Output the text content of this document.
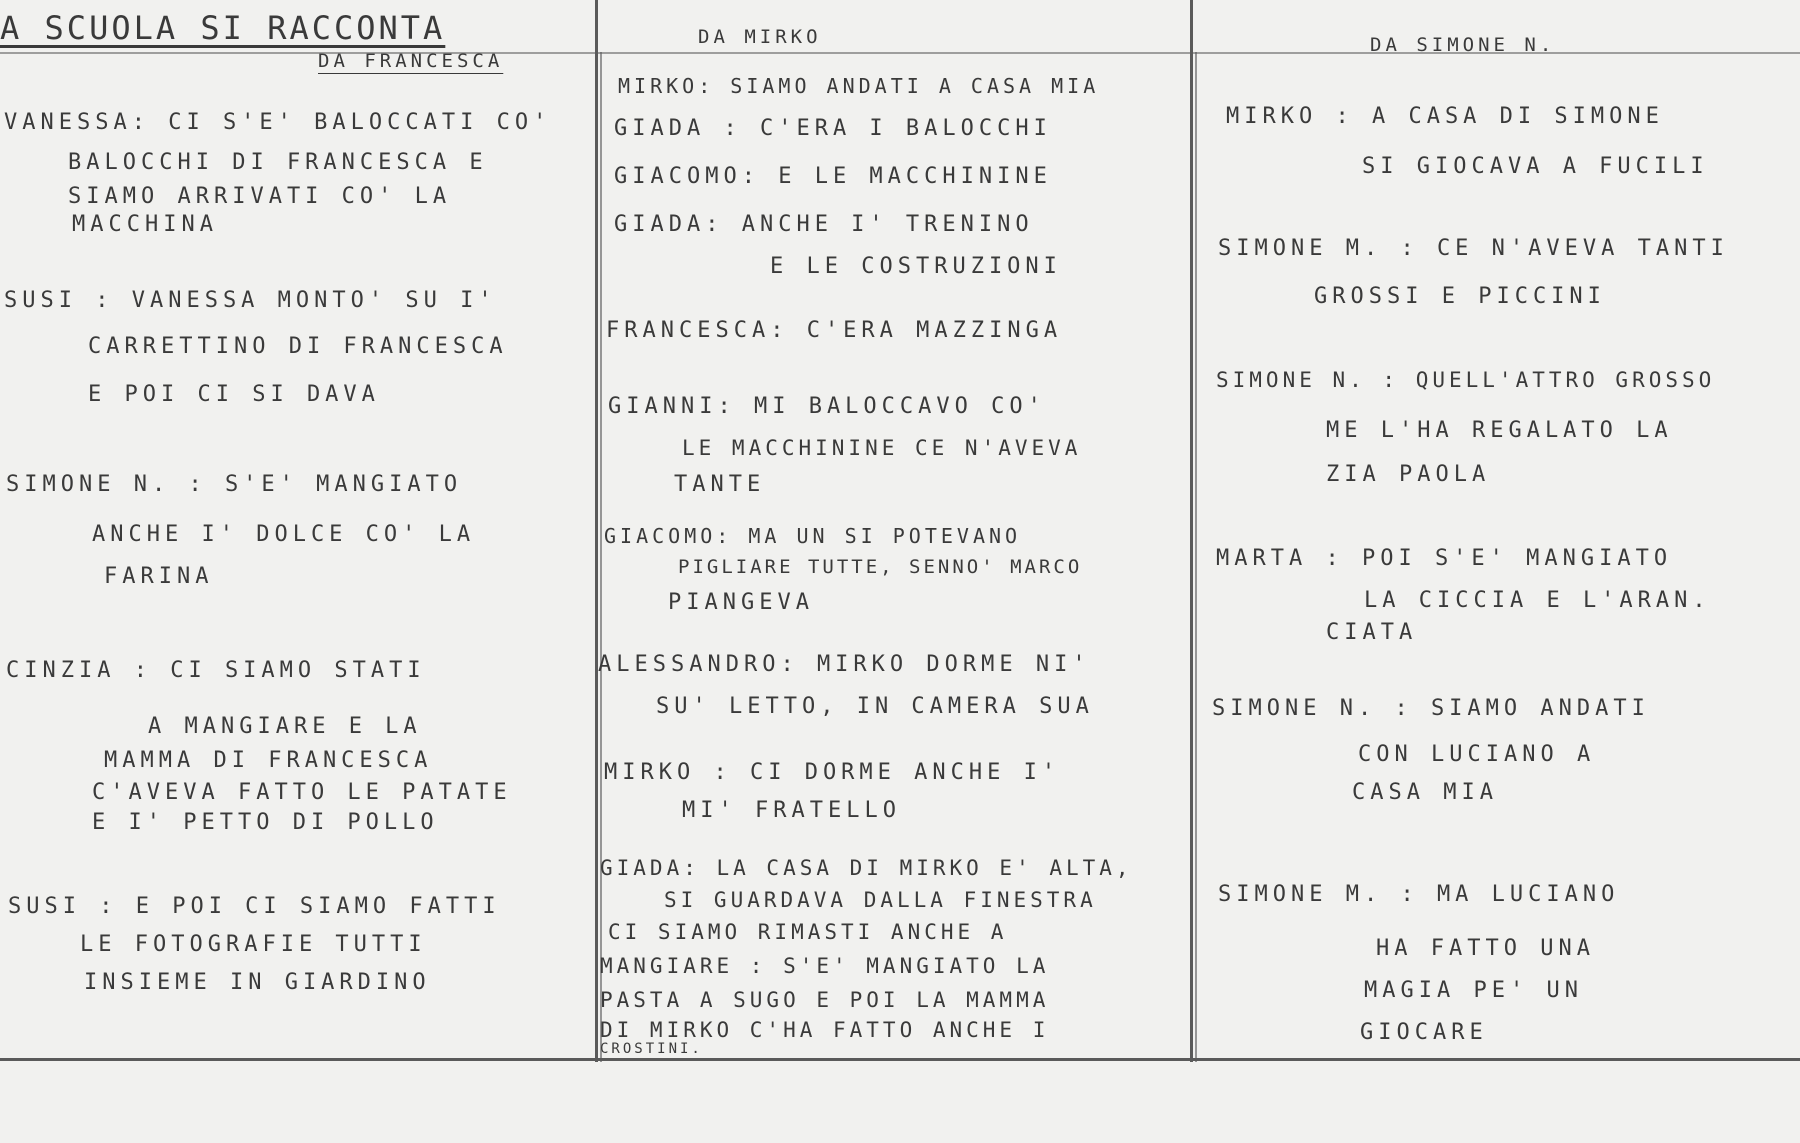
A SCUOLA SI RACCONTA
DA FRANCESCA
VANESSA: CI S'E' BALOCCATI CO'
BALOCCHI DI FRANCESCA E
SIAMO ARRIVATI CO' LA
MACCHINA
SUSI : VANESSA MONTO' SU I'
CARRETTINO DI FRANCESCA
E POI CI SI DAVA
SIMONE N. : S'E' MANGIATO
ANCHE I' DOLCE CO' LA
FARINA
CINZIA : CI SIAMO STATI
A MANGIARE E LA
MAMMA DI FRANCESCA
C'AVEVA FATTO LE PATATE
E I' PETTO DI POLLO
SUSI : E POI CI SIAMO FATTI
LE FOTOGRAFIE TUTTI
INSIEME IN GIARDINO
DA MIRKO
MIRKO: SIAMO ANDATI A CASA MIA
GIADA : C'ERA I BALOCCHI
GIACOMO: E LE MACCHININE
GIADA: ANCHE I' TRENINO
E LE COSTRUZIONI
FRANCESCA: C'ERA MAZZINGA
GIANNI: MI BALOCCAVO CO'
LE MACCHININE CE N'AVEVA
TANTE
GIACOMO: MA UN SI POTEVANO
PIGLIARE TUTTE, SENNO' MARCO
PIANGEVA
ALESSANDRO: MIRKO DORME NI'
SU' LETTO, IN CAMERA SUA
MIRKO : CI DORME ANCHE I'
MI' FRATELLO
GIADA: LA CASA DI MIRKO E' ALTA,
SI GUARDAVA DALLA FINESTRA
CI SIAMO RIMASTI ANCHE A
MANGIARE : S'E' MANGIATO LA
PASTA A SUGO E POI LA MAMMA
DI MIRKO C'HA FATTO ANCHE I
CROSTINI.
DA SIMONE N.
MIRKO : A CASA DI SIMONE
SI GIOCAVA A FUCILI
SIMONE M. : CE N'AVEVA TANTI
GROSSI E PICCINI
SIMONE N. : QUELL'ATTRO GROSSO
ME L'HA REGALATO LA
ZIA PAOLA
MARTA : POI S'E' MANGIATO
LA CICCIA E L'ARAN.
CIATA
SIMONE N. : SIAMO ANDATI
CON LUCIANO A
CASA MIA
SIMONE M. : MA LUCIANO
HA FATTO UNA
MAGIA PE' UN
GIOCARE
